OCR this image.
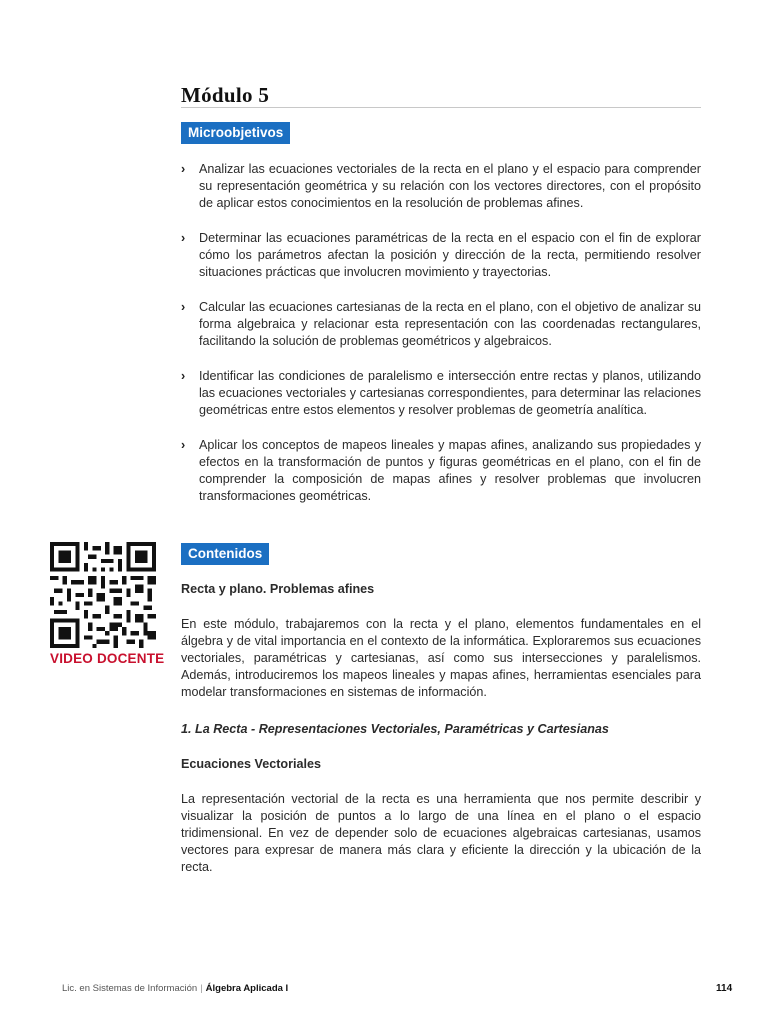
Módulo 5
Microobjetivos
› Analizar las ecuaciones vectoriales de la recta en el plano y el espacio para comprender su representación geométrica y su relación con los vectores directores, con el propósito de aplicar estos conocimientos en la resolución de problemas afines.
› Determinar las ecuaciones paramétricas de la recta en el espacio con el fin de explorar cómo los parámetros afectan la posición y dirección de la recta, permitiendo resolver situaciones prácticas que involucren movimiento y trayectorias.
› Calcular las ecuaciones cartesianas de la recta en el plano, con el objetivo de analizar su forma algebraica y relacionar esta representación con las coordenadas rectangulares, facilitando la solución de problemas geométricos y algebraicos.
› Identificar las condiciones de paralelismo e intersección entre rectas y planos, utilizando las ecuaciones vectoriales y cartesianas correspondientes, para determinar las relaciones geométricas entre estos elementos y resolver problemas de geometría analítica.
› Aplicar los conceptos de mapeos lineales y mapas afines, analizando sus propiedades y efectos en la transformación de puntos y figuras geométricas en el plano, con el fin de comprender la composición de mapas afines y resolver problemas que involucren transformaciones geométricas.
VIDEO DOCENTE
Contenidos
Recta y plano. Problemas afines
En este módulo, trabajaremos con la recta y el plano, elementos fundamentales en el álgebra y de vital importancia en el contexto de la informática. Exploraremos sus ecuaciones vectoriales, paramétricas y cartesianas, así como sus intersecciones y paralelismos. Además, introduciremos los mapeos lineales y mapas afines, herramientas esenciales para modelar transformaciones en sistemas de información.
1. La Recta - Representaciones Vectoriales, Paramétricas y Cartesianas
Ecuaciones Vectoriales
La representación vectorial de la recta es una herramienta que nos permite describir y visualizar la posición de puntos a lo largo de una línea en el plano o el espacio tridimensional. En vez de depender solo de ecuaciones algebraicas cartesianas, usamos vectores para expresar de manera más clara y eficiente la dirección y la ubicación de la recta.
Lic. en Sistemas de Información | Álgebra Aplicada I	114
